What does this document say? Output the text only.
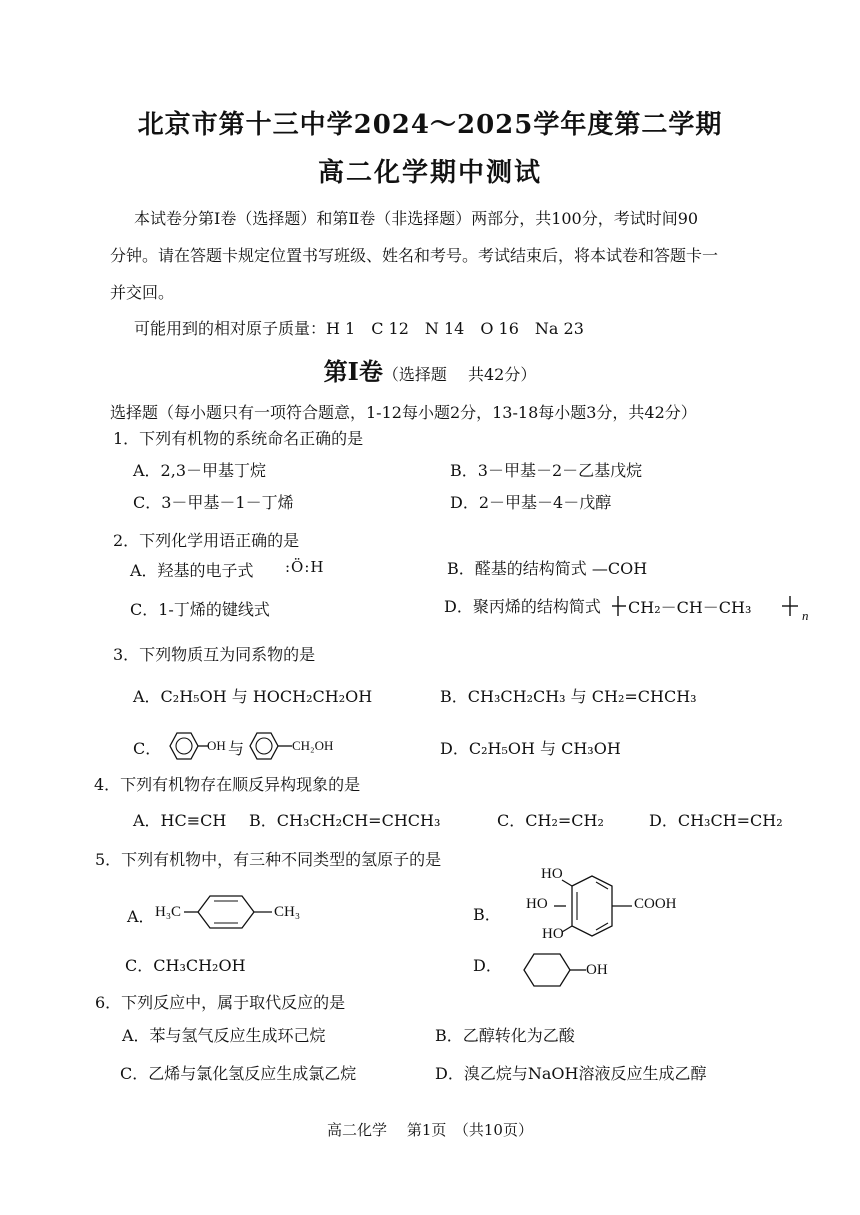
北京市第十三中学2024～2025学年度第二学期
高二化学期中测试
本试卷分第Ⅰ卷（选择题）和第Ⅱ卷（非选择题）两部分，共100分，考试时间90
分钟。请在答题卡规定位置书写班级、姓名和考号。考试结束后，将本试卷和答题卡一
并交回。
可能用到的相对原子质量：H 1　C 12　N 14　O 16　Na 23
第Ⅰ卷（选择题　 共42分）
选择题（每小题只有一项符合题意，1-12每小题2分，13-18每小题3分，共42分）
1．下列有机物的系统命名正确的是
A．2,3－甲基丁烷	B．3－甲基－2－乙基戊烷
C．3－甲基－1－丁烯	D．2－甲基－4－戊醇
2．下列化学用语正确的是
A．羟基的电子式 :Ö:H	B．醛基的结构简式 —COH
C．1-丁烯的键线式	D．聚丙烯的结构简式	n
CH₂－CH－CH₃
3．下列物质互为同系物的是
A．C₂H₅OH 与 HOCH₂CH₂OH	B．CH₃CH₂CH₃ 与 CH₂=CHCH₃
C．	OH 与	CH₂OH	D．C₂H₅OH 与 CH₃OH
4．下列有机物存在顺反异构现象的是
A．HC≡CH B．CH₃CH₂CH=CHCH₃	C．CH₂=CH₂	D．CH₃CH=CH₂
5．下列有机物中，有三种不同类型的氢原子的是
A． H₃C	CH₃	B．
HO
HO
HO
COOH
C．CH₃CH₂OH	D．	OH
6．下列反应中，属于取代反应的是
A．苯与氢气反应生成环己烷	B．乙醇转化为乙酸
C．乙烯与氯化氢反应生成氯乙烷	D．溴乙烷与NaOH溶液反应生成乙醇
高二化学　 第1页　（共10页）
